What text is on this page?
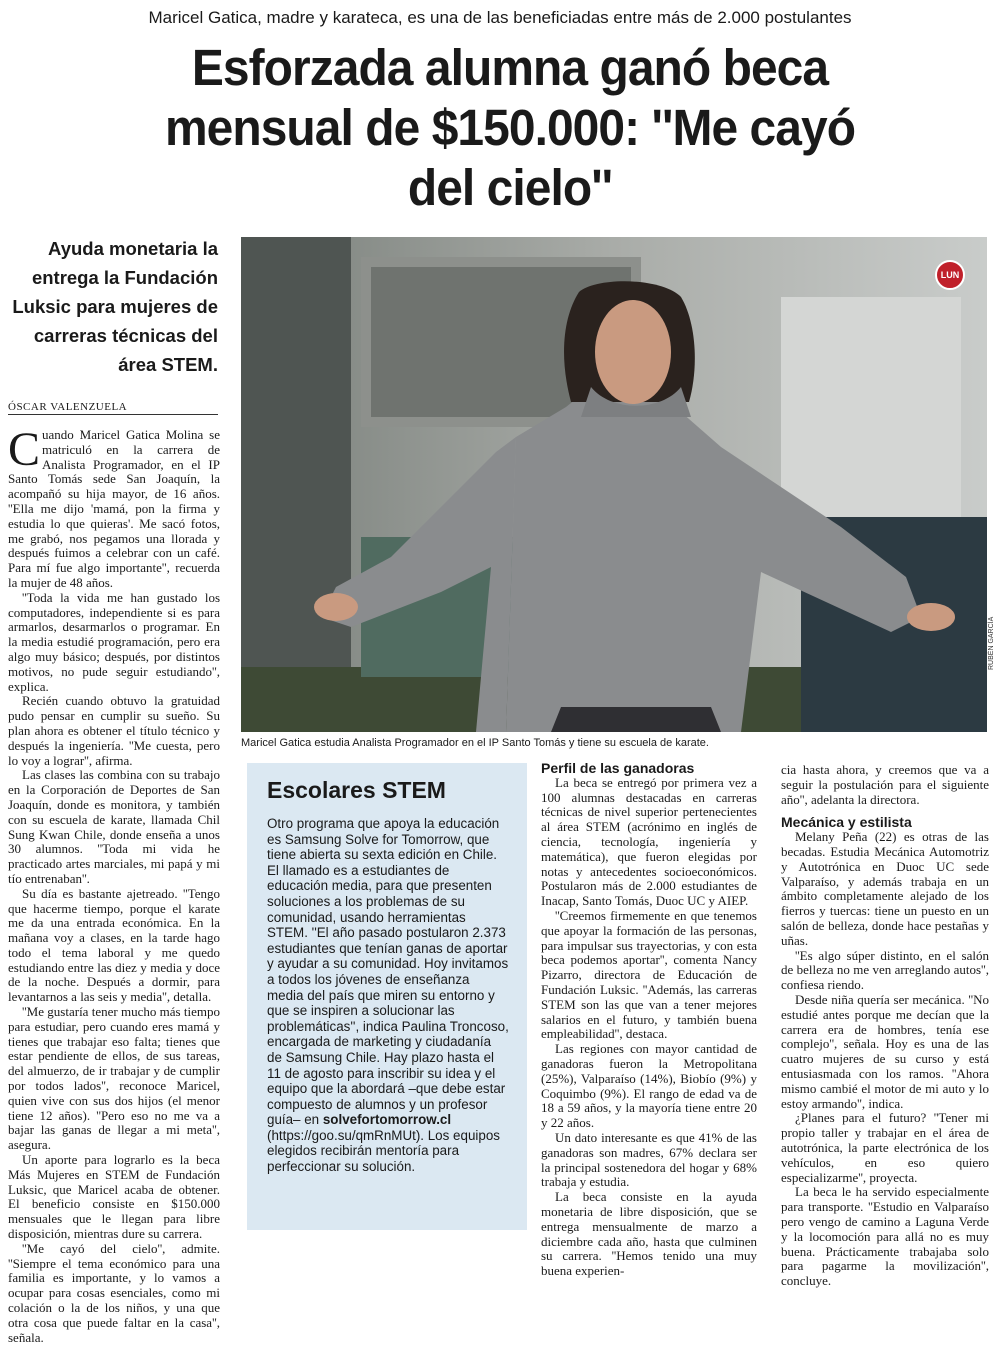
Maricel Gatica, madre y karateca, es una de las beneficiadas entre más de 2.000 postulantes
Esforzada alumna ganó beca mensual de $150.000: ''Me cayó del cielo''
Ayuda monetaria la entrega la Fundación Luksic para mujeres de carreras técnicas del área STEM.
ÓSCAR VALENZUELA
LUN
RUBÉN GARCÍA
Maricel Gatica estudia Analista Programador en el IP Santo Tomás y tiene su escuela de karate.

Cuando Maricel Gatica Molina se matriculó en la carrera de Analista Programador, en el IP Santo Tomás sede San Joaquín, la acompañó su hija mayor, de 16 años. ''Ella me dijo 'mamá, pon la firma y estudia lo que quieras'. Me sacó fotos, me grabó, nos pegamos una llorada y después fuimos a celebrar con un café. Para mí fue algo importante'', recuerda la mujer de 48 años.

''Toda la vida me han gustado los computadores, independiente si es para armarlos, desarmarlos o programar. En la media estudié programación, pero era algo muy básico; después, por distintos motivos, no pude seguir estudiando'', explica.

Recién cuando obtuvo la gratuidad pudo pensar en cumplir su sueño. Su plan ahora es obtener el título técnico y después la ingeniería. ''Me cuesta, pero lo voy a lograr'', afirma.

Las clases las combina con su trabajo en la Corporación de Deportes de San Joaquín, donde es monitora, y también con su escuela de karate, llamada Chil Sung Kwan Chile, donde enseña a unos 30 alumnos. ''Toda mi vida he practicado artes marciales, mi papá y mi tío entrenaban''.

Su día es bastante ajetreado. ''Tengo que hacerme tiempo, porque el karate me da una entrada económica. En la mañana voy a clases, en la tarde hago todo el tema laboral y me quedo estudiando entre las diez y media y doce de la noche. Después a dormir, para levantarnos a las seis y media'', detalla.

''Me gustaría tener mucho más tiempo para estudiar, pero cuando eres mamá y tienes que trabajar eso falta; tienes que estar pendiente de ellos, de sus tareas, del almuerzo, de ir trabajar y de cumplir por todos lados'', reconoce Maricel, quien vive con sus dos hijos (el menor tiene 12 años). ''Pero eso no me va a bajar las ganas de llegar a mi meta'', asegura.

Un aporte para lograrlo es la beca Más Mujeres en STEM de Fundación Luksic, que Maricel acaba de obtener. El beneficio consiste en $150.000 mensuales que le llegan para libre disposición, mientras dure su carrera.

''Me cayó del cielo'', admite. ''Siempre el tema económico para una familia es importante, y lo vamos a ocupar para cosas esenciales, como mi colación o la de los niños, y una que otra cosa que puede faltar en la casa'', señala.

Escolares STEM
Otro programa que apoya la educación es Samsung Solve for Tomorrow, que tiene abierta su sexta edición en Chile. El llamado es a estudiantes de educación media, para que presenten soluciones a los problemas de su comunidad, usando herramientas STEM. ''El año pasado postularon 2.373 estudiantes que tenían ganas de aportar y ayudar a su comunidad. Hoy invitamos a todos los jóvenes de enseñanza media del país que miren su entorno y que se inspiren a solucionar las problemáticas'', indica Paulina Troncoso, encargada de marketing y ciudadanía de Samsung Chile. Hay plazo hasta el 11 de agosto para inscribir su idea y el equipo que la abordará –que debe estar compuesto de alumnos y un profesor guía– en solvefortomorrow.cl (https://goo.su/qmRnMUt). Los equipos elegidos recibirán mentoría para perfeccionar su solución.
Perfil de las ganadoras

La beca se entregó por primera vez a 100 alumnas destacadas en carreras técnicas de nivel superior pertenecientes al área STEM (acrónimo en inglés de ciencia, tecnología, ingeniería y matemática), que fueron elegidas por notas y antecedentes socioeconómicos. Postularon más de 2.000 estudiantes de Inacap, Santo Tomás, Duoc UC y AIEP.

''Creemos firmemente en que tenemos que apoyar la formación de las personas, para impulsar sus trayectorias, y con esta beca podemos aportar'', comenta Nancy Pizarro, directora de Educación de Fundación Luksic. ''Además, las carreras STEM son las que van a tener mejores salarios en el futuro, y también buena empleabilidad'', destaca.

Las regiones con mayor cantidad de ganadoras fueron la Metropolitana (25%), Valparaíso (14%), Biobío (9%) y Coquimbo (9%). El rango de edad va de 18 a 59 años, y la mayoría tiene entre 20 y 22 años.

Un dato interesante es que 41% de las ganadoras son madres, 67% declara ser la principal sostenedora del hogar y 68% trabaja y estudia.

La beca consiste en la ayuda monetaria de libre disposición, que se entrega mensualmente de marzo a diciembre cada año, hasta que culminen su carrera. ''Hemos tenido una muy buena experien-

cia hasta ahora, y creemos que va a seguir la postulación para el siguiente año'', adelanta la directora.

Mecánica y estilista

Melany Peña (22) es otras de las becadas. Estudia Mecánica Automotriz y Autotrónica en Duoc UC sede Valparaíso, y además trabaja en un ámbito completamente alejado de los fierros y tuercas: tiene un puesto en un salón de belleza, donde hace pestañas y uñas.

''Es algo súper distinto, en el salón de belleza no me ven arreglando autos'', confiesa riendo.

Desde niña quería ser mecánica. ''No estudié antes porque me decían que la carrera era de hombres, tenía ese complejo'', señala. Hoy es una de las cuatro mujeres de su curso y está entusiasmada con los ramos. ''Ahora mismo cambié el motor de mi auto y lo estoy armando'', indica.

¿Planes para el futuro? ''Tener mi propio taller y trabajar en el área de autotrónica, la parte electrónica de los vehículos, en eso quiero especializarme'', proyecta.

La beca le ha servido especialmente para transporte. ''Estudio en Valparaíso pero vengo de camino a Laguna Verde y la locomoción para allá no es muy buena. Prácticamente trabajaba solo para pagarme la movilización'', concluye.
